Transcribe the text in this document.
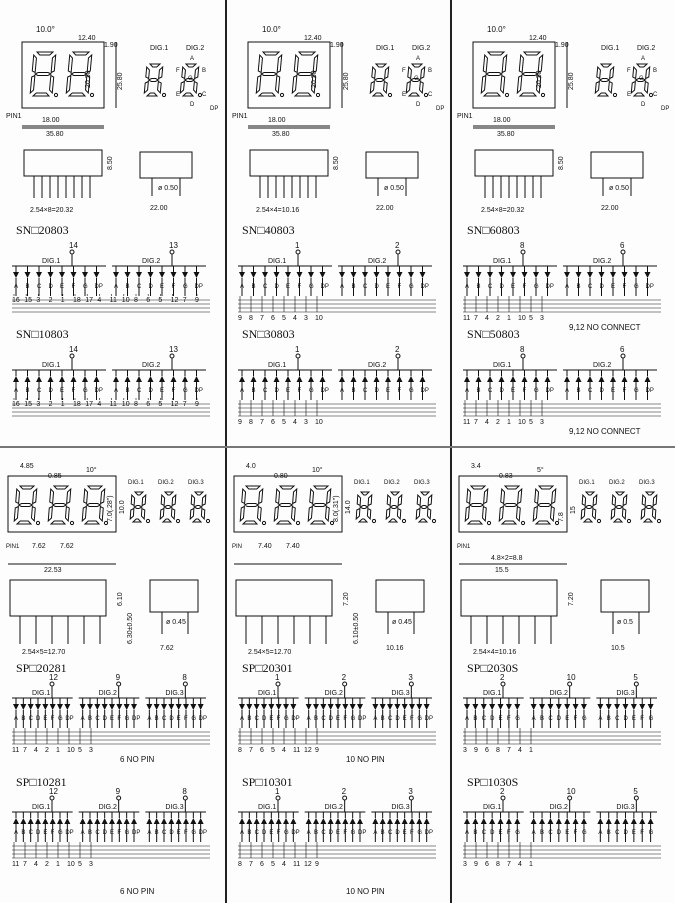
10.0°
12.40
1.90
20.30	25.80
18.00
35.80
PIN1
DIG.1	DIG.2
A
F	B
G
E	C
D
DP
8.50
2.54×8=20.32
ø 0.50
22.00
SN□20803
14
DIG.1
A B C D E F G DP
13
DIG.2
A B C D E F G DP
16 15 3 2 1 18 17 4 11 10 8 6 5 12 7 9
SN□10803
14
DIG.1
A B C D E F G DP
13
DIG.2
A B C D E F G DP
16 15 3 2 1 18 17 4 11 10 8 6 5 12 7 9
10.0°
12.40
1.90
20.30	25.80
18.00
35.80
PIN1
DIG.1	DIG.2
A
F	B
G
E	C
D
DP
8.50
2.54×4=10.16
ø 0.50
22.00
SN□40803
1
DIG.1
A B C D E F G DP
2
DIG.2
A B C D E F G DP
9 8 7 6 5 4 3 10
SN□30803
1
DIG.1
A B C D E F G DP
2
DIG.2
A B C D E F G DP
9 8 7 6 5 4 3 10
10.0°
12.40
1.90
20.30	25.80
18.00
35.80
PIN1
DIG.1	DIG.2
A
F	B
G
E	C
D
DP
8.50
2.54×8=20.32
ø 0.50
22.00
SN□60803
8
DIG.1
A B C D E F G DP
6
DIG.2
A B C D E F G DP
11 7 4 2 1 10 5 3
9,12 NO CONNECT
SN□50803
8
DIG.1
A B C D E F G DP
6
DIG.2
A B C D E F G DP
11 7 4 2 1 10 5 3
9,12 NO CONNECT
4.85
0.85
10°
7.0(.28") 10.0
PIN1 7.62 7.62
22.53
DIG.1 DIG.2 DIG.3
6.10
6.30±0.50
2.54×5=12.70
ø 0.45
7.62
SP□20281
12
DIG.1
A B C D E F G DP
9
DIG.2
A B C D E F G DP
8
DIG.3
A B C D E F G DP
11 7 4 2 1 10 5 3
6 NO PIN
SP□10281
12
DIG.1
A B C D E F G DP
9
DIG.2
A B C D E F G DP
8
DIG.3
A B C D E F G DP
11 7 4 2 1 10 5 3
6 NO PIN
4.0
0.80
10°
8.0(.31") 14.0
PIN 7.40 7.40
DIG.1 DIG.2 DIG.3
7.20
6.10±0.50
2.54×5=12.70
ø 0.45
10.16
SP□20301
1
DIG.1
A B C D E F G DP
2
DIG.2
A B C D E F G DP
3
DIG.3
A B C D E F G DP
8 7 6 5 4 11 12 9
10 NO PIN
SP□10301
1
DIG.1
A B C D E F G DP
2
DIG.2
A B C D E F G DP
3
DIG.3
A B C D E F G DP
8 7 6 5 4 11 12 9
10 NO PIN
3.4
0.83
5°
7.8
15
PIN1
4.8×2=8.8
15.5
DIG.1 DIG.2 DIG.3
7.20
2.54×4=10.16
ø 0.5
10.5
SP□2030S
2
DIG.1
A B C D E F G
10
DIG.2
A B C D E F G
5
DIG.3
A B C D E F G
3 9 6 8 7 4 1
SP□1030S
2
DIG.1
A B C D E F G
10
DIG.2
A B C D E F G
5
DIG.3
A B C D E F G
3 9 6 8 7 4 1
